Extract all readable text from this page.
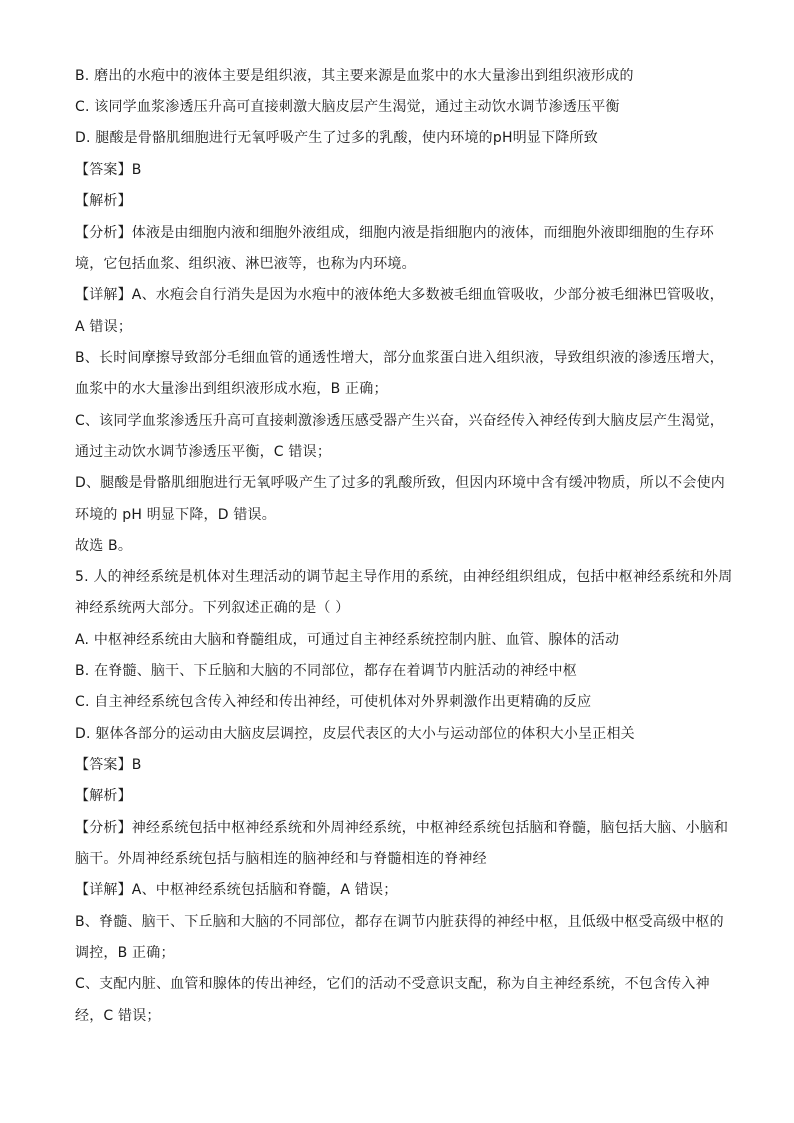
B. 磨出的水疱中的液体主要是组织液，其主要来源是血浆中的水大量渗出到组织液形成的
C. 该同学血浆渗透压升高可直接刺激大脑皮层产生渴觉，通过主动饮水调节渗透压平衡
D. 腿酸是骨骼肌细胞进行无氧呼吸产生了过多的乳酸，使内环境的pH明显下降所致
【答案】B
【解析】
【分析】体液是由细胞内液和细胞外液组成，细胞内液是指细胞内的液体，而细胞外液即细胞的生存环
境，它包括血浆、组织液、淋巴液等，也称为内环境。
【详解】A、水疱会自行消失是因为水疱中的液体绝大多数被毛细血管吸收，少部分被毛细淋巴管吸收，
A 错误；
B、长时间摩擦导致部分毛细血管的通透性增大，部分血浆蛋白进入组织液，导致组织液的渗透压增大，
血浆中的水大量渗出到组织液形成水疱，B 正确；
C、该同学血浆渗透压升高可直接刺激渗透压感受器产生兴奋，兴奋经传入神经传到大脑皮层产生渴觉，
通过主动饮水调节渗透压平衡，C 错误；
D、腿酸是骨骼肌细胞进行无氧呼吸产生了过多的乳酸所致，但因内环境中含有缓冲物质，所以不会使内
环境的 pH 明显下降，D 错误。
故选 B。
5. 人的神经系统是机体对生理活动的调节起主导作用的系统，由神经组织组成，包括中枢神经系统和外周
神经系统两大部分。下列叙述正确的是（ ）
A. 中枢神经系统由大脑和脊髓组成，可通过自主神经系统控制内脏、血管、腺体的活动
B. 在脊髓、脑干、下丘脑和大脑的不同部位，都存在着调节内脏活动的神经中枢
C. 自主神经系统包含传入神经和传出神经，可使机体对外界刺激作出更精确的反应
D. 躯体各部分的运动由大脑皮层调控，皮层代表区的大小与运动部位的体积大小呈正相关
【答案】B
【解析】
【分析】神经系统包括中枢神经系统和外周神经系统，中枢神经系统包括脑和脊髓，脑包括大脑、小脑和
脑干。外周神经系统包括与脑相连的脑神经和与脊髓相连的脊神经
【详解】A、中枢神经系统包括脑和脊髓，A 错误；
B、脊髓、脑干、下丘脑和大脑的不同部位，都存在调节内脏获得的神经中枢，且低级中枢受高级中枢的
调控，B 正确；
C、支配内脏、血管和腺体的传出神经，它们的活动不受意识支配，称为自主神经系统，不包含传入神
经，C 错误；
